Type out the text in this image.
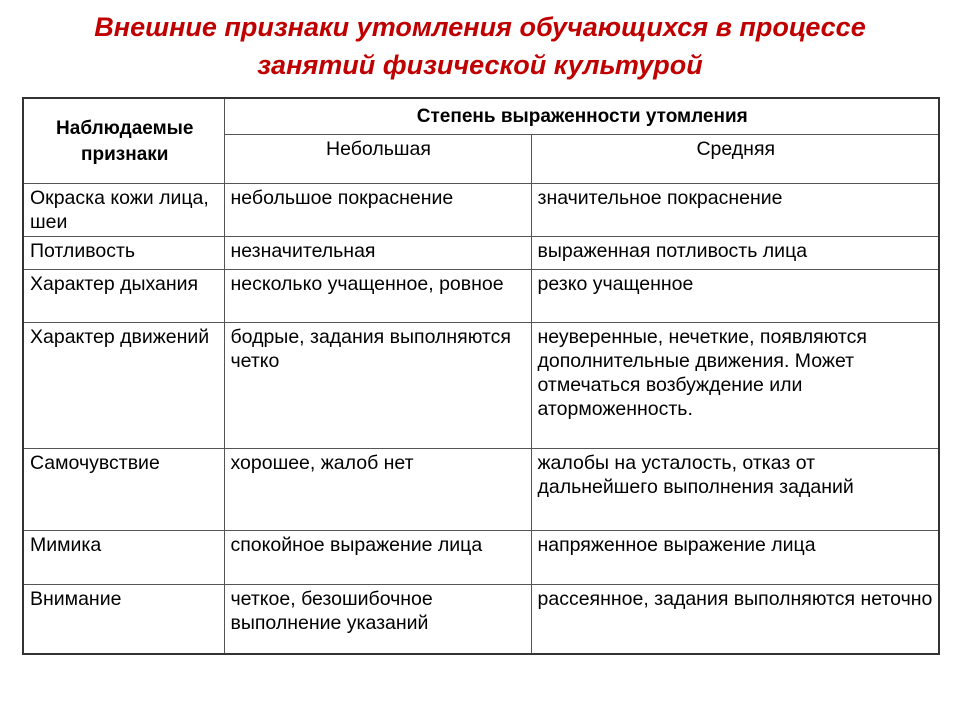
Внешние признаки утомления обучающихся в процессе
занятий физической культурой
Наблюдаемые признаки	Степень выраженности утомления	
	Небольшая	Средняя
Окраска кожи лица, шеи	небольшое покраснение	значительное покраснение
Потливость	незначительная	выраженная потливость лица
Характер дыхания	несколько учащенное, ровное	резко учащенное
Характер движений	бодрые, задания выполняются четко	неуверенные, нечеткие, появляются дополнительные движения. Может отмечаться возбуждение или аторможенность.
Самочувствие	хорошее, жалоб нет	жалобы на усталость, отказ от дальнейшего выполнения заданий
Мимика	спокойное выражение лица	напряженное выражение лица
Внимание	четкое, безошибочное выполнение указаний	рассеянное, задания выполняются неточно
